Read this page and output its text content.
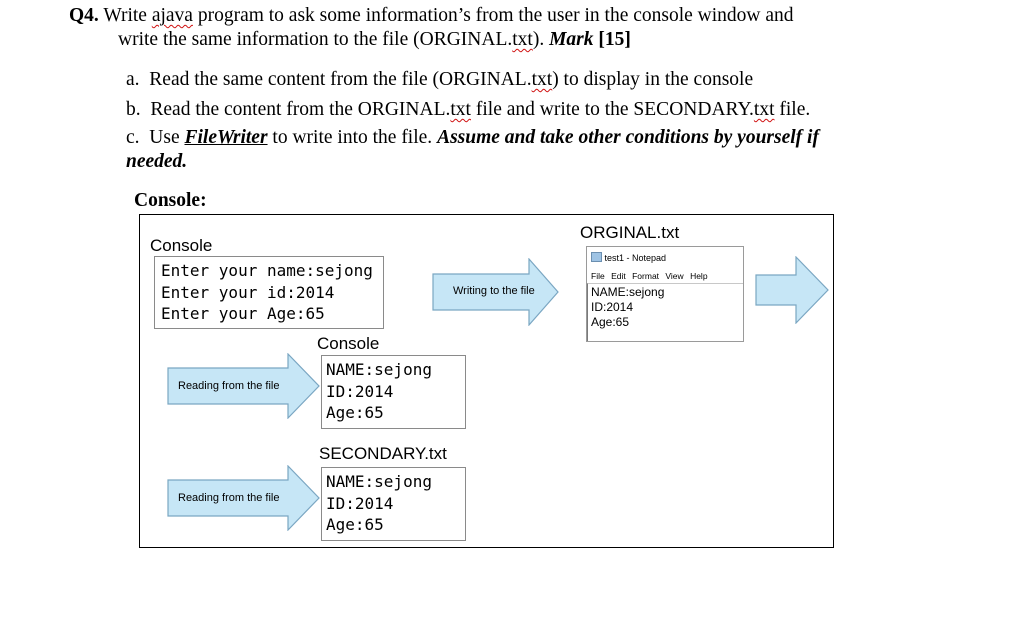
Q4. Write ajava program to ask some information’s from the user in the console window and
write the same information to the file (ORGINAL.txt). Mark [15]
a. Read the same content from the file (ORGINAL.txt) to display in the console
b. Read the content from the ORGINAL.txt file and write to the SECONDARY.txt file.
c. Use FileWriter to write into the file. Assume and take other conditions by yourself if
needed.
Console:
Console
Enter your name:sejong
Enter your id:2014
Enter your Age:65
Writing to the file
ORGINAL.txt
test1 - Notepad
File Edit Format View Help
NAME:sejong
ID:2014
Age:65
Reading from the file
Console
NAME:sejong
ID:2014
Age:65
Reading from the file
SECONDARY.txt
NAME:sejong
ID:2014
Age:65
